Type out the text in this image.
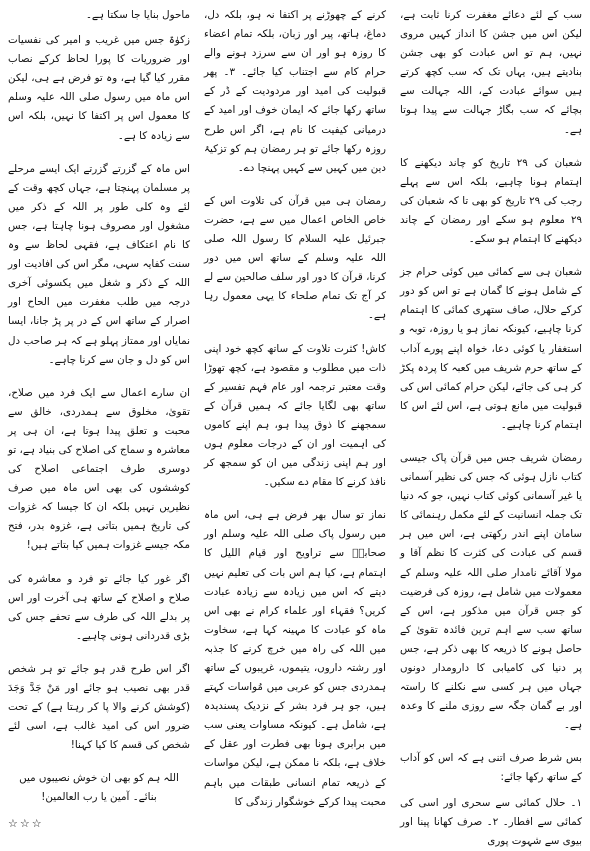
سب کے لئے دعائے مغفرت کرنا ثابت ہے، لیکن اس میں جشن کا انداز کہیں مروی نہیں، ہم تو اس عبادت کو بھی جشن بنادیتے ہیں، یہاں تک کہ سب کچھ کرتے ہیں سوائے عبادت کے، اللہ جہالت سے بچائے کہ سب بگاڑ جہالت سے پیدا ہوتا ہے۔

شعبان کی ۲۹ تاریخ کو چاند دیکھنے کا اہتمام ہونا چاہیے، بلکہ اس سے پہلے رجب کی ۲۹ تاریخ کو بھی تا کہ شعبان کی ۲۹ معلوم ہو سکے اور رمضان کے چاند دیکھنے کا اہتمام ہو سکے۔

شعبان ہی سے کمائی میں کوئی حرام جز کے شامل ہونے کا گمان ہے تو اس کو دور کرکے حلال، صاف ستھری کمائی کا اہتمام کرنا چاہیے، کیونکہ نماز ہو یا روزہ، توبہ و استغفار یا کوئی دعا، خواہ اپنے پورے آداب کے ساتھ حرم شریف میں کعبہ کا پردہ پکڑ کر ہی کی جائے، لیکن حرام کمائی اس کی قبولیت میں مانع ہوتی ہے، اس لئے اس کا اہتمام کرنا چاہیے۔

رمضان شریف جس میں قرآن پاک جیسی کتاب نازل ہوئی کہ جس کی نظیر آسمانی یا غیر آسمانی کوئی کتاب نہیں، جو کہ دنیا تک جملہ انسانیت کے لئے مکمل رہنمائی کا سامان اپنے اندر رکھتی ہے، اس میں ہر قسم کی عبادت کی کثرت کا نظم آقا و مولا آقائے نامدار صلی اللہ علیہ وسلم کے معمولات میں شامل ہے، روزہ کی فرضیت کو جس قرآن میں مذکور ہے، اس کے ساتھ سب سے اہم ترین فائدہ تقویٰ کے حاصل ہونے کا ذریعہ کا بھی ذکر ہے، جس پر دنیا کی کامیابی کا دارومدار دونوں جہاں میں ہر کسی سے نکلنے کا راستہ اور بے گمان جگہ سے روزی ملنے کا وعدہ ہے۔

بس شرط صرف اتنی ہے کہ اس کو آداب کے ساتھ رکھا جائے:

۱۔ حلال کمائی سے سحری اور اسی کی کمائی سے افطار۔ ۲۔ صرف کھانا پینا اور بیوی سے شہوت پوری

کرنے کے چھوڑنے پر اکتفا نہ ہو، بلکہ دل، دماغ، ہاتھ، پیر اور زبان، بلکہ تمام اعضاء کا روزہ ہو اور ان سے سرزد ہونے والے حرام کام سے اجتناب کیا جائے۔ ۳۔ پھر قبولیت کی امید اور مردودیت کے ڈر کے ساتھ رکھا جائے کہ ایمان خوف اور امید کے درمیانی کیفیت کا نام ہے، اگر اس طرح روزہ رکھا جائے تو ہر رمضان ہم کو تزکیۂ دین میں کہیں سے کہیں پہنچا دے۔

رمضان ہی میں قرآن کی تلاوت اس کے خاص الخاص اعمال میں سے ہے، حضرت جبرئیل علیہ السلام کا رسول اللہ صلی اللہ علیہ وسلم کے ساتھ اس میں دور کرنا، قرآن کا دور اور سلف صالحین سے لے کر آج تک تمام صلحاء کا یہی معمول رہا ہے۔

کاش! کثرت تلاوت کے ساتھ کچھ خود اپنی ذات میں مطلوب و مقصود ہے، کچھ تھوڑا وقت معتبر ترجمہ اور عام فہم تفسیر کے ساتھ بھی لگایا جائے کہ ہمیں قرآن کے سمجھنے کا ذوق پیدا ہو، ہم اپنے کاموں کی اہمیت اور ان کے درجات معلوم ہوں اور ہم اپنی زندگی میں ان کو سمجھ کر نافذ کرنے کا مقام دے سکیں۔

نماز تو سال بھر فرض ہے ہی، اس ماہ میں رسول پاک صلی اللہ علیہ وسلم اور صحابہؓ سے تراویح اور قیام اللیل کا اہتمام ہے، کیا ہم اس بات کی تعلیم نہیں دیتے کہ اس میں زیادہ سے زیادہ عبادت کریں؟ فقہاء اور علماء کرام نے بھی اس ماہ کو عبادت کا مہینہ کہا ہے، سخاوت میں اللہ کی راہ میں خرچ کرنے کا جذبہ اور رشتہ داروں، یتیموں، غریبوں کے ساتھ ہمدردی جس کو عربی میں مُواسات کہتے ہیں، جو ہر فرد بشر کے نزدیک پسندیدہ ہے، شامل ہے۔ کیونکہ مساوات یعنی سب میں برابری ہونا بھی فطرت اور عقل کے خلاف ہے، بلکہ نا ممکن ہے، لیکن مواسات کے ذریعہ تمام انسانی طبقات میں باہم محبت پیدا کرکے خوشگوار زندگی کا

ماحول بنایا جا سکتا ہے۔

زکوٰۃ جس میں غریب و امیر کی نفسیات اور ضروریات کا پورا لحاظ کرکے نصاب مقرر کیا گیا ہے، وہ تو فرض ہے ہی، لیکن اس ماہ میں رسول صلی اللہ علیہ وسلم کا معمول اس پر اکتفا کا نہیں، بلکہ اس سے زیادہ کا ہے۔

اس ماہ کے گزرتے گزرتے ایک ایسے مرحلے پر مسلمان پہنچتا ہے، جہاں کچھ وقت کے لئے وہ کلی طور پر اللہ کے ذکر میں مشغول اور مصروف ہونا چاہتا ہے، جس کا نام اعتکاف ہے، فقہی لحاظ سے وہ سنت کفایہ سہی، مگر اس کی افادیت اور اللہ کے ذکر و شغل میں یکسوئی آخری درجہ میں طلب مغفرت میں الحاح اور اصرار کے ساتھ اس کے در پر پڑ جانا، ایسا نمایاں اور ممتاز پہلو ہے کہ ہر صاحب دل اس کو دل و جان سے کرنا چاہے۔

ان سارے اعمال سے ایک فرد میں صلاح، تقویٰ، مخلوق سے ہمدردی، خالق سے محبت و تعلق پیدا ہوتا ہے، ان ہی پر معاشرہ و سماج کی اصلاح کی بنیاد ہے، تو دوسری طرف اجتماعی اصلاح کی کوششوں کی بھی اس ماہ میں صرف نظیریں نہیں بلکہ ان کا جیسا کہ غزوات کی تاریخ ہمیں بتاتی ہے، غزوہ بدر، فتح مکہ جیسے غزوات ہمیں کیا بتاتے ہیں!

اگر غور کیا جائے تو فرد و معاشرہ کی صلاح و اصلاح کے ساتھ ہی آخرت اور اس پر بدلے اللہ کی طرف سے تحفے جس کی بڑی قدردانی ہونی چاہیے۔

اگر اس طرح قدر ہو جائے تو ہر شخص قدر بھی نصیب ہو جائے اور مَنْ جَدَّ وَجَدَ (کوشش کرنے والا پا کر رہتا ہے) کے تحت ضرور اس کی امید غالب ہے، اسی لئے شخص کی قسم کا کیا کہنا!

اللہ ہم کو بھی ان خوش نصیبوں میں بنائے۔ آمین یا رب العالمین!

☆☆☆
